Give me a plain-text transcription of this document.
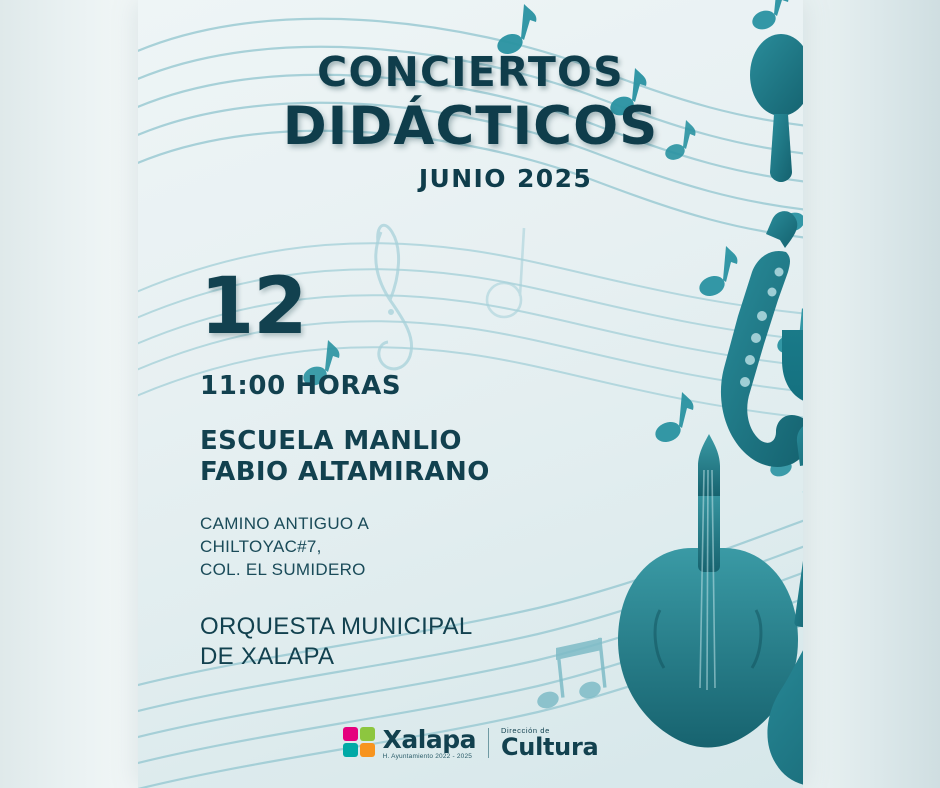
CONCIERTOS
DIDÁCTICOS
JUNIO 2025
12
11:00 HORAS
ESCUELA MANLIO
FABIO ALTAMIRANO
CAMINO ANTIGUO A
CHILTOYAC#7,
COL. EL SUMIDERO
ORQUESTA MUNICIPAL
DE XALAPA
Xalapa
H. Ayuntamiento 2022 - 2025
Dirección de
Cultura
